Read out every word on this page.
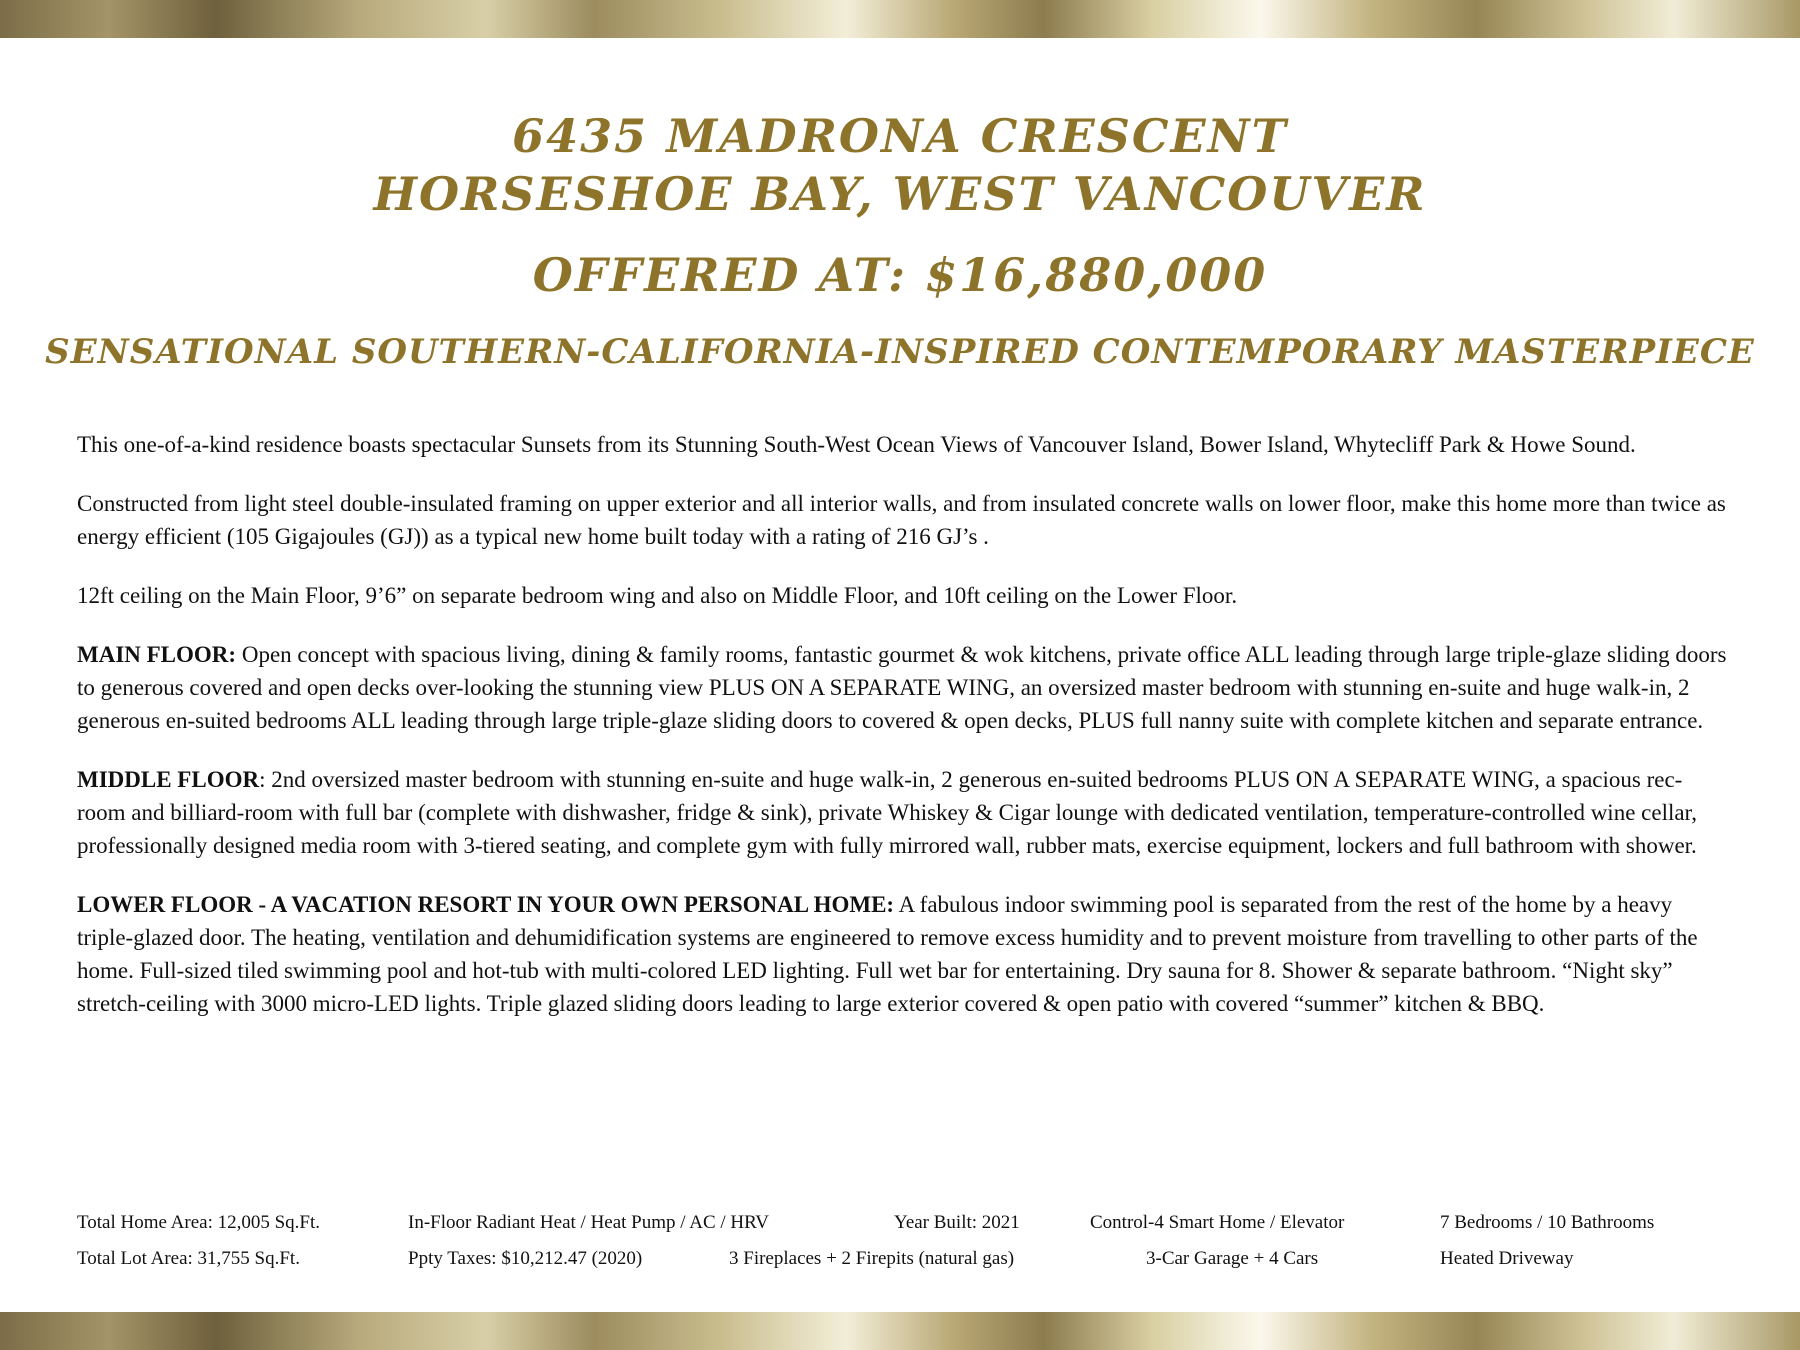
6435 MADRONA CRESCENT
HORSESHOE BAY, WEST VANCOUVER
OFFERED AT: $16,880,000
SENSATIONAL SOUTHERN-CALIFORNIA-INSPIRED CONTEMPORARY MASTERPIECE

This one-of-a-kind residence boasts spectacular Sunsets from its Stunning South-West Ocean Views of Vancouver Island, Bower Island, Whytecliff Park & Howe Sound.

Constructed from light steel double-insulated framing on upper exterior and all interior walls, and from insulated concrete walls on lower floor, make this home more than twice as energy efficient (105 Gigajoules (GJ)) as a typical new home built today with a rating of 216 GJ’s .

12ft ceiling on the Main Floor, 9’6” on separate bedroom wing and also on Middle Floor, and 10ft ceiling on the Lower Floor.

MAIN FLOOR: Open concept with spacious living, dining & family rooms, fantastic gourmet & wok kitchens, private office ALL leading through large triple-glaze sliding doors to generous covered and open decks over-looking the stunning view PLUS ON A SEPARATE WING, an oversized master bedroom with stunning en-suite and huge walk-in, 2 generous en-suited bedrooms ALL leading through large triple-glaze sliding doors to covered & open decks, PLUS full nanny suite with complete kitchen and separate entrance.

MIDDLE FLOOR: 2nd oversized master bedroom with stunning en-suite and huge walk-in, 2 generous en-suited bedrooms PLUS ON A SEPARATE WING, a spacious rec-room and billiard-room with full bar (complete with dishwasher, fridge & sink), private Whiskey & Cigar lounge with dedicated ventilation, temperature-controlled wine cellar, professionally designed media room with 3-tiered seating, and complete gym with fully mirrored wall, rubber mats, exercise equipment, lockers and full bathroom with shower.

LOWER FLOOR - A VACATION RESORT IN YOUR OWN PERSONAL HOME: A fabulous indoor swimming pool is separated from the rest of the home by a heavy triple-glazed door. The heating, ventilation and dehumidification systems are engineered to remove excess humidity and to prevent moisture from travelling to other parts of the home. Full-sized tiled swimming pool and hot-tub with multi-colored LED lighting. Full wet bar for entertaining. Dry sauna for 8. Shower & separate bathroom. “Night sky” stretch-ceiling with 3000 micro-LED lights. Triple glazed sliding doors leading to large exterior covered & open patio with covered “summer” kitchen & BBQ.

Total Home Area: 12,005 Sq.Ft.	In-Floor Radiant Heat / Heat Pump / AC / HRV	Year Built: 2021	Control-4 Smart Home / Elevator	7 Bedrooms / 10 Bathrooms
Total Lot Area: 31,755 Sq.Ft.	Ppty Taxes: $10,212.47 (2020)	3 Fireplaces + 2 Firepits (natural gas)	3-Car Garage + 4 Cars	Heated Driveway
